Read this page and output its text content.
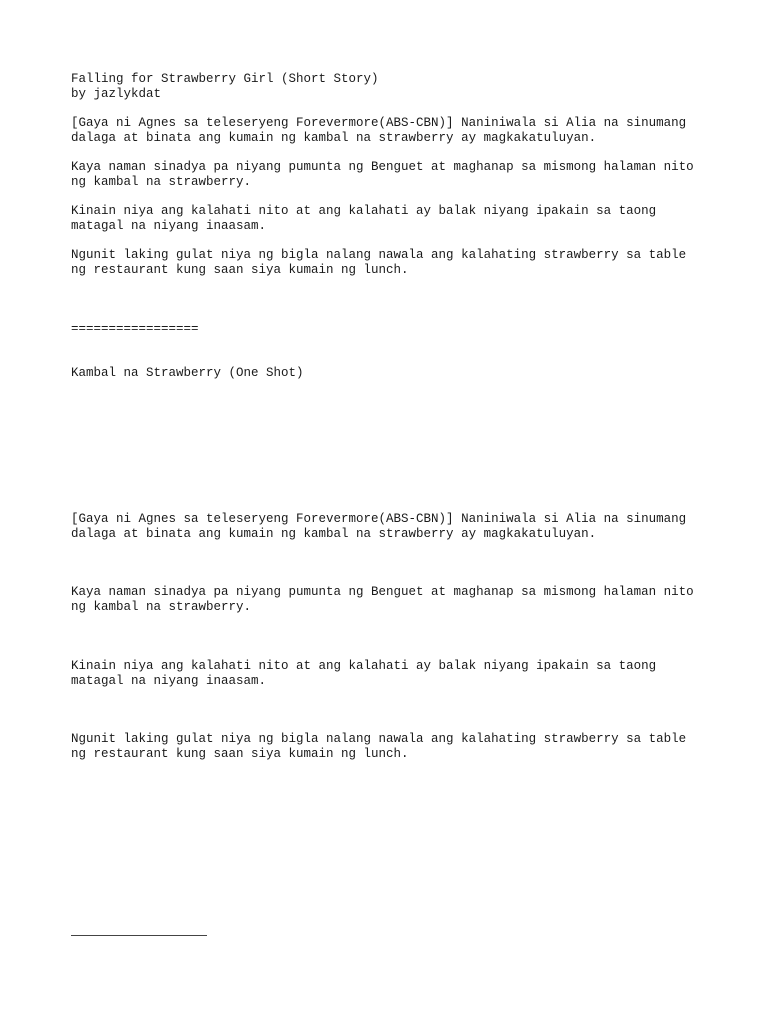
Falling for Strawberry Girl (Short Story)

by jazlykdat

[Gaya ni Agnes sa teleseryeng Forevermore(ABS-CBN)] Naniniwala si Alia na sinumang

dalaga at binata ang kumain ng kambal na strawberry ay magkakatuluyan.

Kaya naman sinadya pa niyang pumunta ng Benguet at maghanap sa mismong halaman nito

ng kambal na strawberry.

Kinain niya ang kalahati nito at ang kalahati ay balak niyang ipakain sa taong

matagal na niyang inaasam.

Ngunit laking gulat niya ng bigla nalang nawala ang kalahating strawberry sa table

ng restaurant kung saan siya kumain ng lunch.

=================

Kambal na Strawberry (One Shot)

[Gaya ni Agnes sa teleseryeng Forevermore(ABS-CBN)] Naniniwala si Alia na sinumang

dalaga at binata ang kumain ng kambal na strawberry ay magkakatuluyan.

Kaya naman sinadya pa niyang pumunta ng Benguet at maghanap sa mismong halaman nito

ng kambal na strawberry.

Kinain niya ang kalahati nito at ang kalahati ay balak niyang ipakain sa taong

matagal na niyang inaasam.

Ngunit laking gulat niya ng bigla nalang nawala ang kalahating strawberry sa table

ng restaurant kung saan siya kumain ng lunch.
